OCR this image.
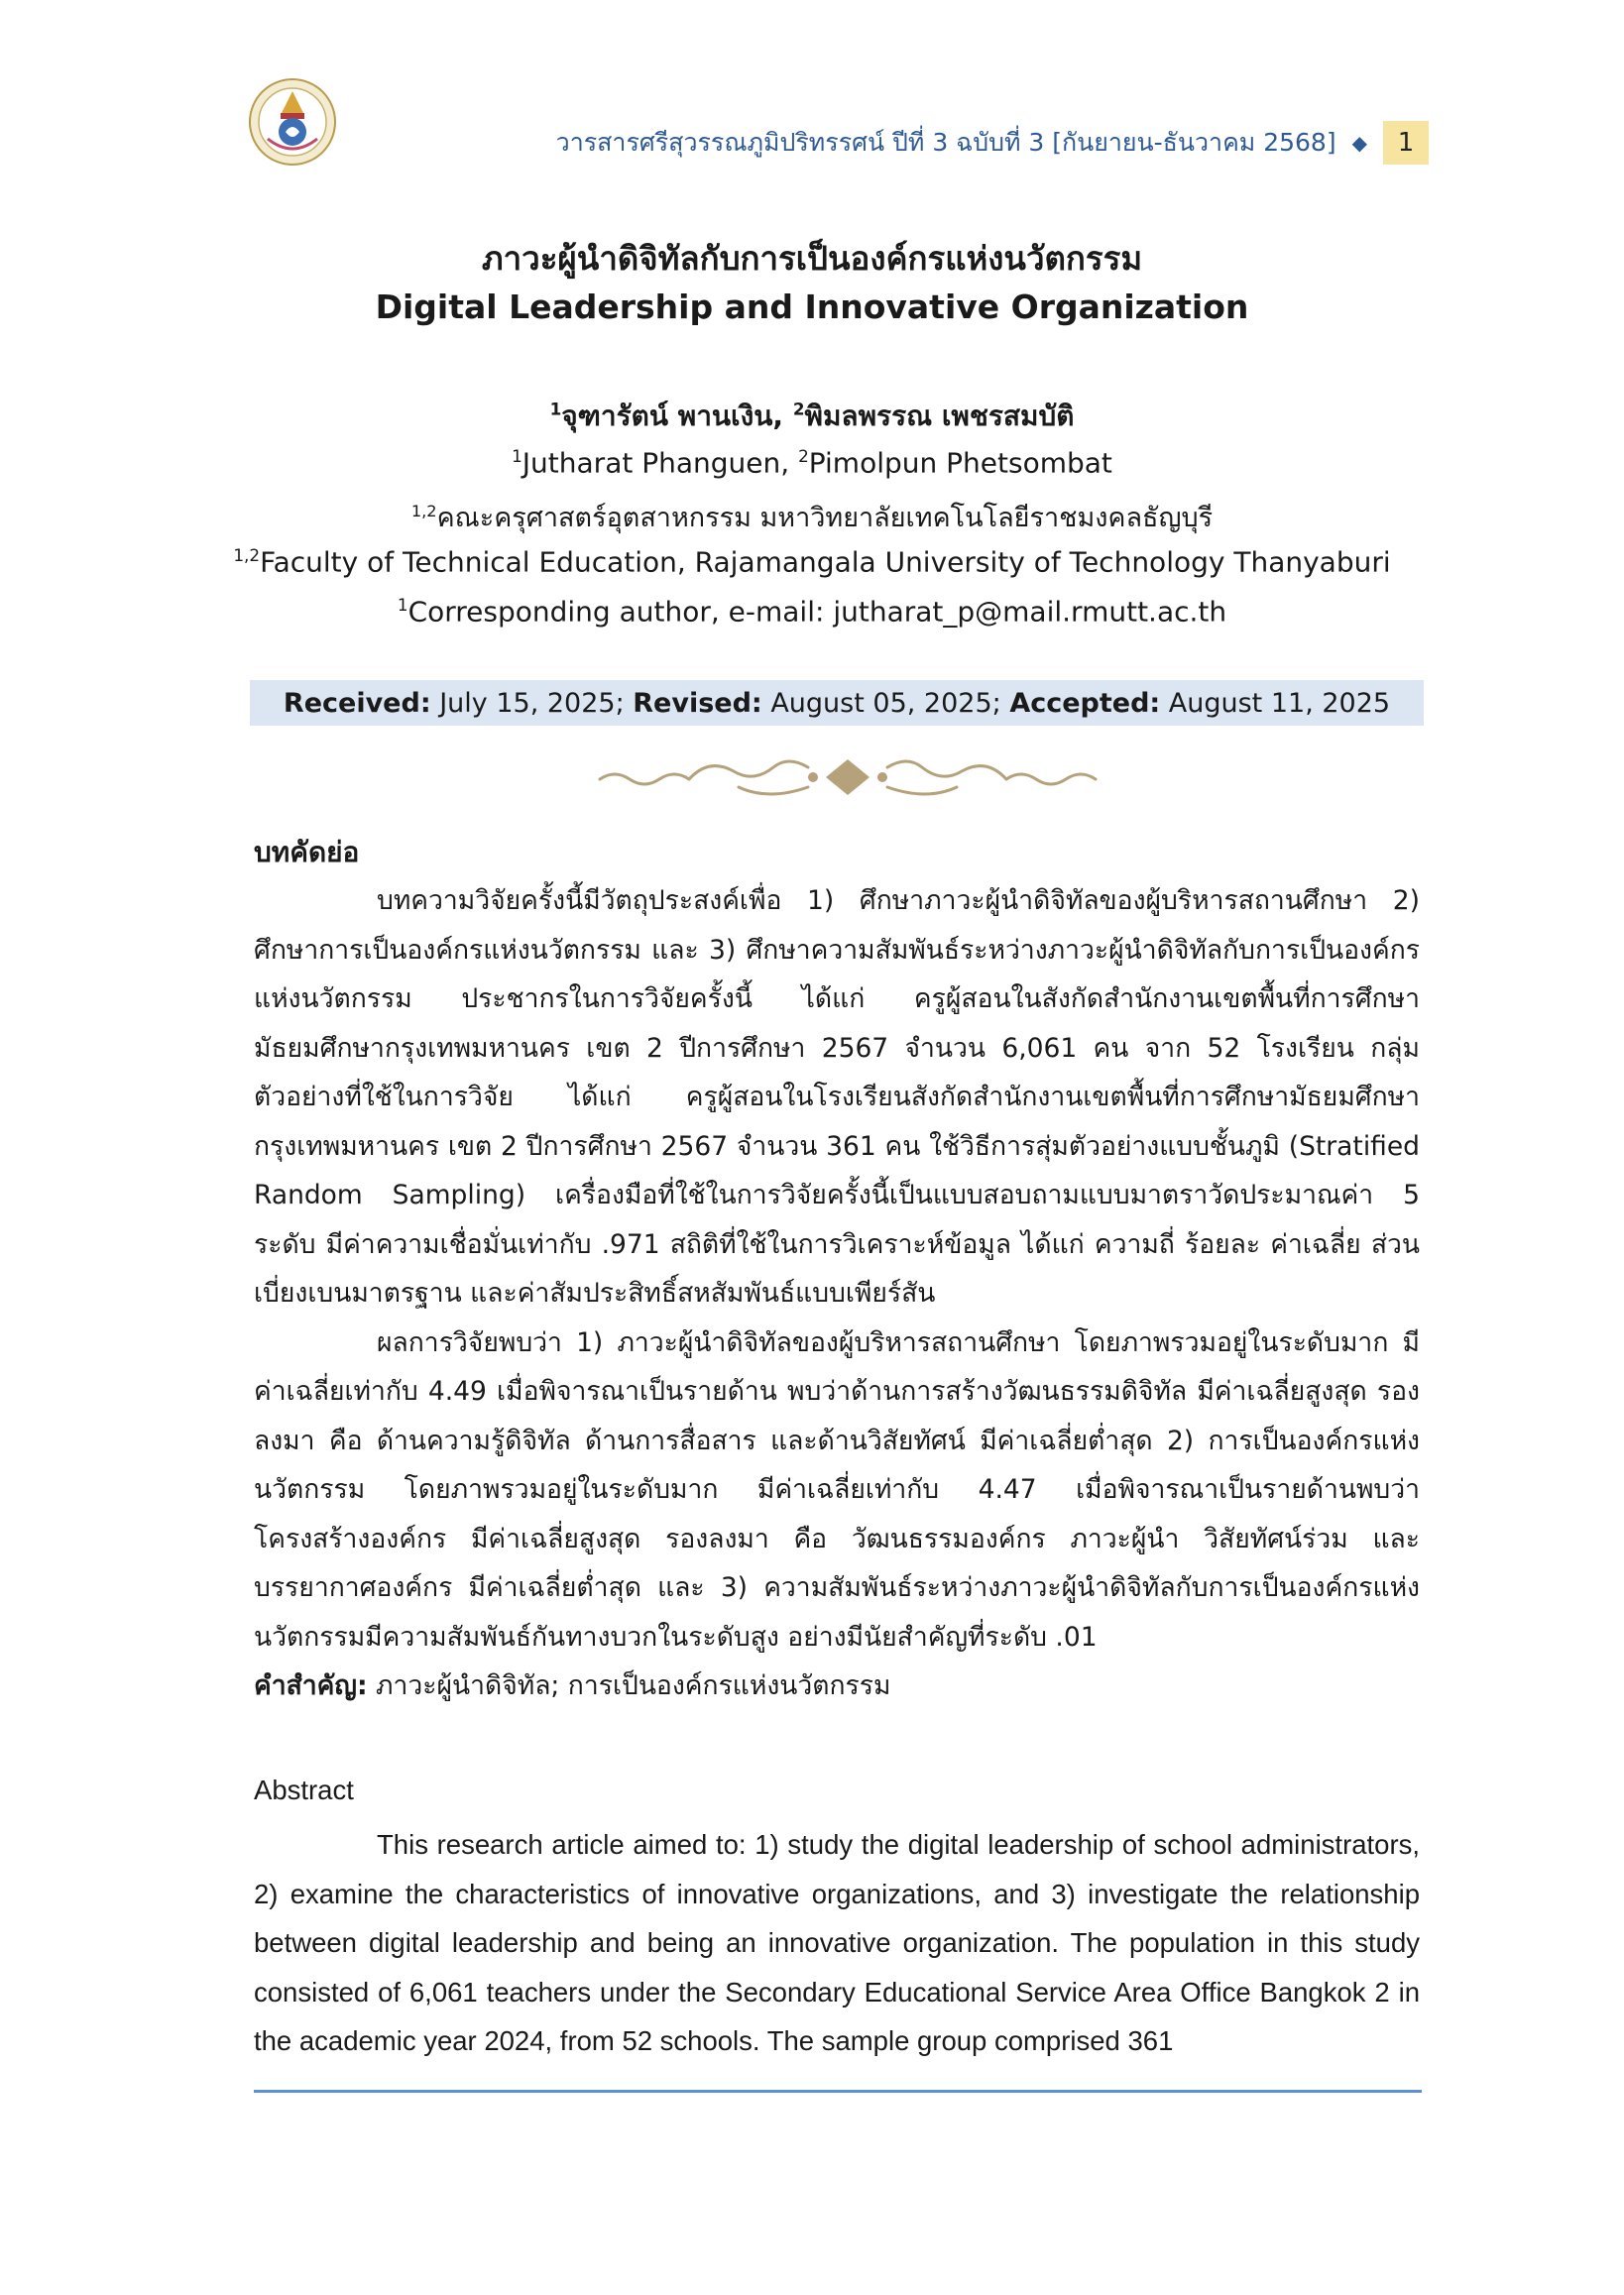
วารสารศรีสุวรรณภูมิปริทรรศน์ ปีที่ 3 ฉบับที่ 3 [กันยายน-ธันวาคม 2568] ◆	1
ภาวะผู้นำดิจิทัลกับการเป็นองค์กรแห่งนวัตกรรม
Digital Leadership and Innovative Organization
$^1$จุฑารัตน์ พานเงิน, $^2$พิมลพรรณ เพชรสมบัติ
$^1$Jutharat Phanguen, $^2$Pimolpun Phetsombat
$^{1,2}$คณะครุศาสตร์อุตสาหกรรม มหาวิทยาลัยเทคโนโลยีราชมงคลธัญบุรี
$^{1,2}$Faculty of Technical Education, Rajamangala University of Technology Thanyaburi
$^1$Corresponding author, e-mail: jutharat_p@mail.rmutt.ac.th
Received: July 15, 2025; Revised: August 05, 2025; Accepted: August 11, 2025
บทคัดย่อ

บทความวิจัยครั้งนี้มีวัตถุประสงค์เพื่อ 1) ศึกษาภาวะผู้นำดิจิทัลของผู้บริหารสถานศึกษา 2) ศึกษาการเป็นองค์กรแห่งนวัตกรรม และ 3) ศึกษาความสัมพันธ์ระหว่างภาวะผู้นำดิจิทัลกับการเป็นองค์กรแห่งนวัตกรรม ประชากรในการวิจัยครั้งนี้ ได้แก่ ครูผู้สอนในสังกัดสำนักงานเขตพื้นที่การศึกษามัธยมศึกษากรุงเทพมหานคร เขต 2 ปีการศึกษา 2567 จำนวน 6,061 คน จาก 52 โรงเรียน กลุ่มตัวอย่างที่ใช้ในการวิจัย ได้แก่ ครูผู้สอนในโรงเรียนสังกัดสำนักงานเขตพื้นที่การศึกษามัธยมศึกษากรุงเทพมหานคร เขต 2 ปีการศึกษา 2567 จำนวน 361 คน ใช้วิธีการสุ่มตัวอย่างแบบชั้นภูมิ (Stratified Random Sampling) เครื่องมือที่ใช้ในการวิจัยครั้งนี้เป็นแบบสอบถามแบบมาตราวัดประมาณค่า 5 ระดับ มีค่าความเชื่อมั่นเท่ากับ .971 สถิติที่ใช้ในการวิเคราะห์ข้อมูล ได้แก่ ความถี่ ร้อยละ ค่าเฉลี่ย ส่วนเบี่ยงเบนมาตรฐาน และค่าสัมประสิทธิ์สหสัมพันธ์แบบเพียร์สัน

ผลการวิจัยพบว่า 1) ภาวะผู้นำดิจิทัลของผู้บริหารสถานศึกษา โดยภาพรวมอยู่ในระดับมาก มีค่าเฉลี่ยเท่ากับ 4.49 เมื่อพิจารณาเป็นรายด้าน พบว่าด้านการสร้างวัฒนธรรมดิจิทัล มีค่าเฉลี่ยสูงสุด รองลงมา คือ ด้านความรู้ดิจิทัล ด้านการสื่อสาร และด้านวิสัยทัศน์ มีค่าเฉลี่ยต่ำสุด 2) การเป็นองค์กรแห่งนวัตกรรม โดยภาพรวมอยู่ในระดับมาก มีค่าเฉลี่ยเท่ากับ 4.47 เมื่อพิจารณาเป็นรายด้านพบว่า โครงสร้างองค์กร มีค่าเฉลี่ยสูงสุด รองลงมา คือ วัฒนธรรมองค์กร ภาวะผู้นำ วิสัยทัศน์ร่วม และบรรยากาศองค์กร มีค่าเฉลี่ยต่ำสุด และ 3) ความสัมพันธ์ระหว่างภาวะผู้นำดิจิทัลกับการเป็นองค์กรแห่งนวัตกรรมมีความสัมพันธ์กันทางบวกในระดับสูง อย่างมีนัยสำคัญที่ระดับ .01

คำสำคัญ: ภาวะผู้นำดิจิทัล; การเป็นองค์กรแห่งนวัตกรรม

Abstract

This research article aimed to: 1) study the digital leadership of school administrators, 2) examine the characteristics of innovative organizations, and 3) investigate the relationship between digital leadership and being an innovative organization. The population in this study consisted of 6,061 teachers under the Secondary Educational Service Area Office Bangkok 2 in the academic year 2024, from 52 schools. The sample group comprised 361
